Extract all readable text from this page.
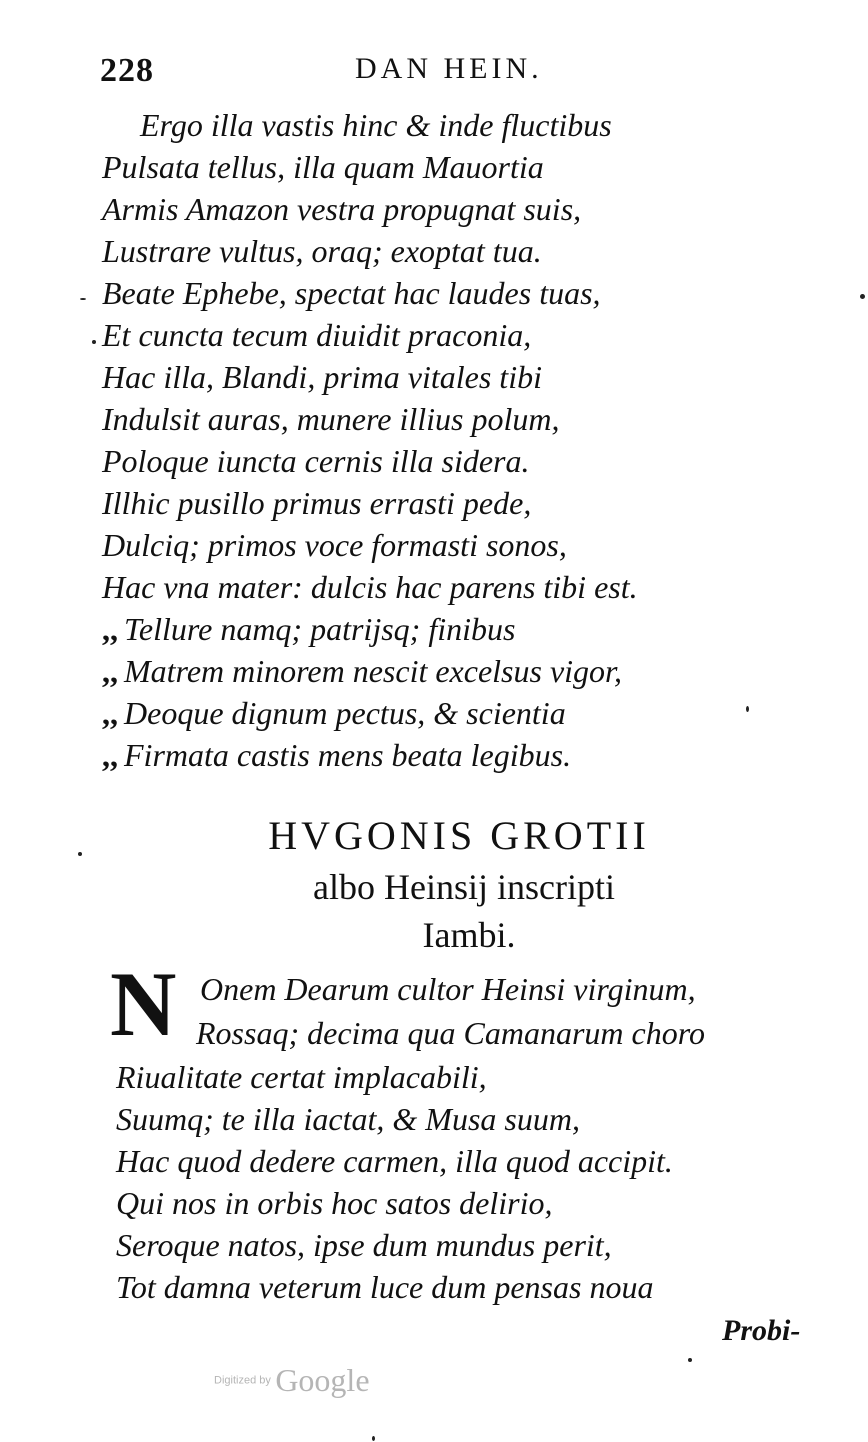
228	DAN HEIN.
Ergo illa vastis hinc & inde fluctibus
Pulsata tellus, illa quam Mauortia
Armis Amazon vestra propugnat suis,
Lustrare vultus, oraq; exoptat tua.
Beate Ephebe, spectat hac laudes tuas,
Et cuncta tecum diuidit praconia,
Hac illa, Blandi, prima vitales tibi
Indulsit auras, munere illius polum,
Poloque iuncta cernis illa sidera.
Illhic pusillo primus errasti pede,
Dulciq; primos voce formasti sonos,
Hac vna mater: dulcis hac parens tibi est.
,, Tellure namq; patrijsq; finibus
,, Matrem minorem nescit excelsus vigor,
,, Deoque dignum pectus, & scientia
,, Firmata castis mens beata legibus.
HVGONIS GROTII
albo Heinsij inscripti
Iambi.
N Onem Dearum cultor Heinsi virginum,
Rossaq; decima qua Camanarum choro
Riualitate certat implacabili,
Suumq; te illa iactat, & Musa suum,
Hac quod dedere carmen, illa quod accipit.
Qui nos in orbis hoc satos delirio,
Seroque natos, ipse dum mundus perit,
Tot damna veterum luce dum pensas noua
Probi-
Digitized by Google
